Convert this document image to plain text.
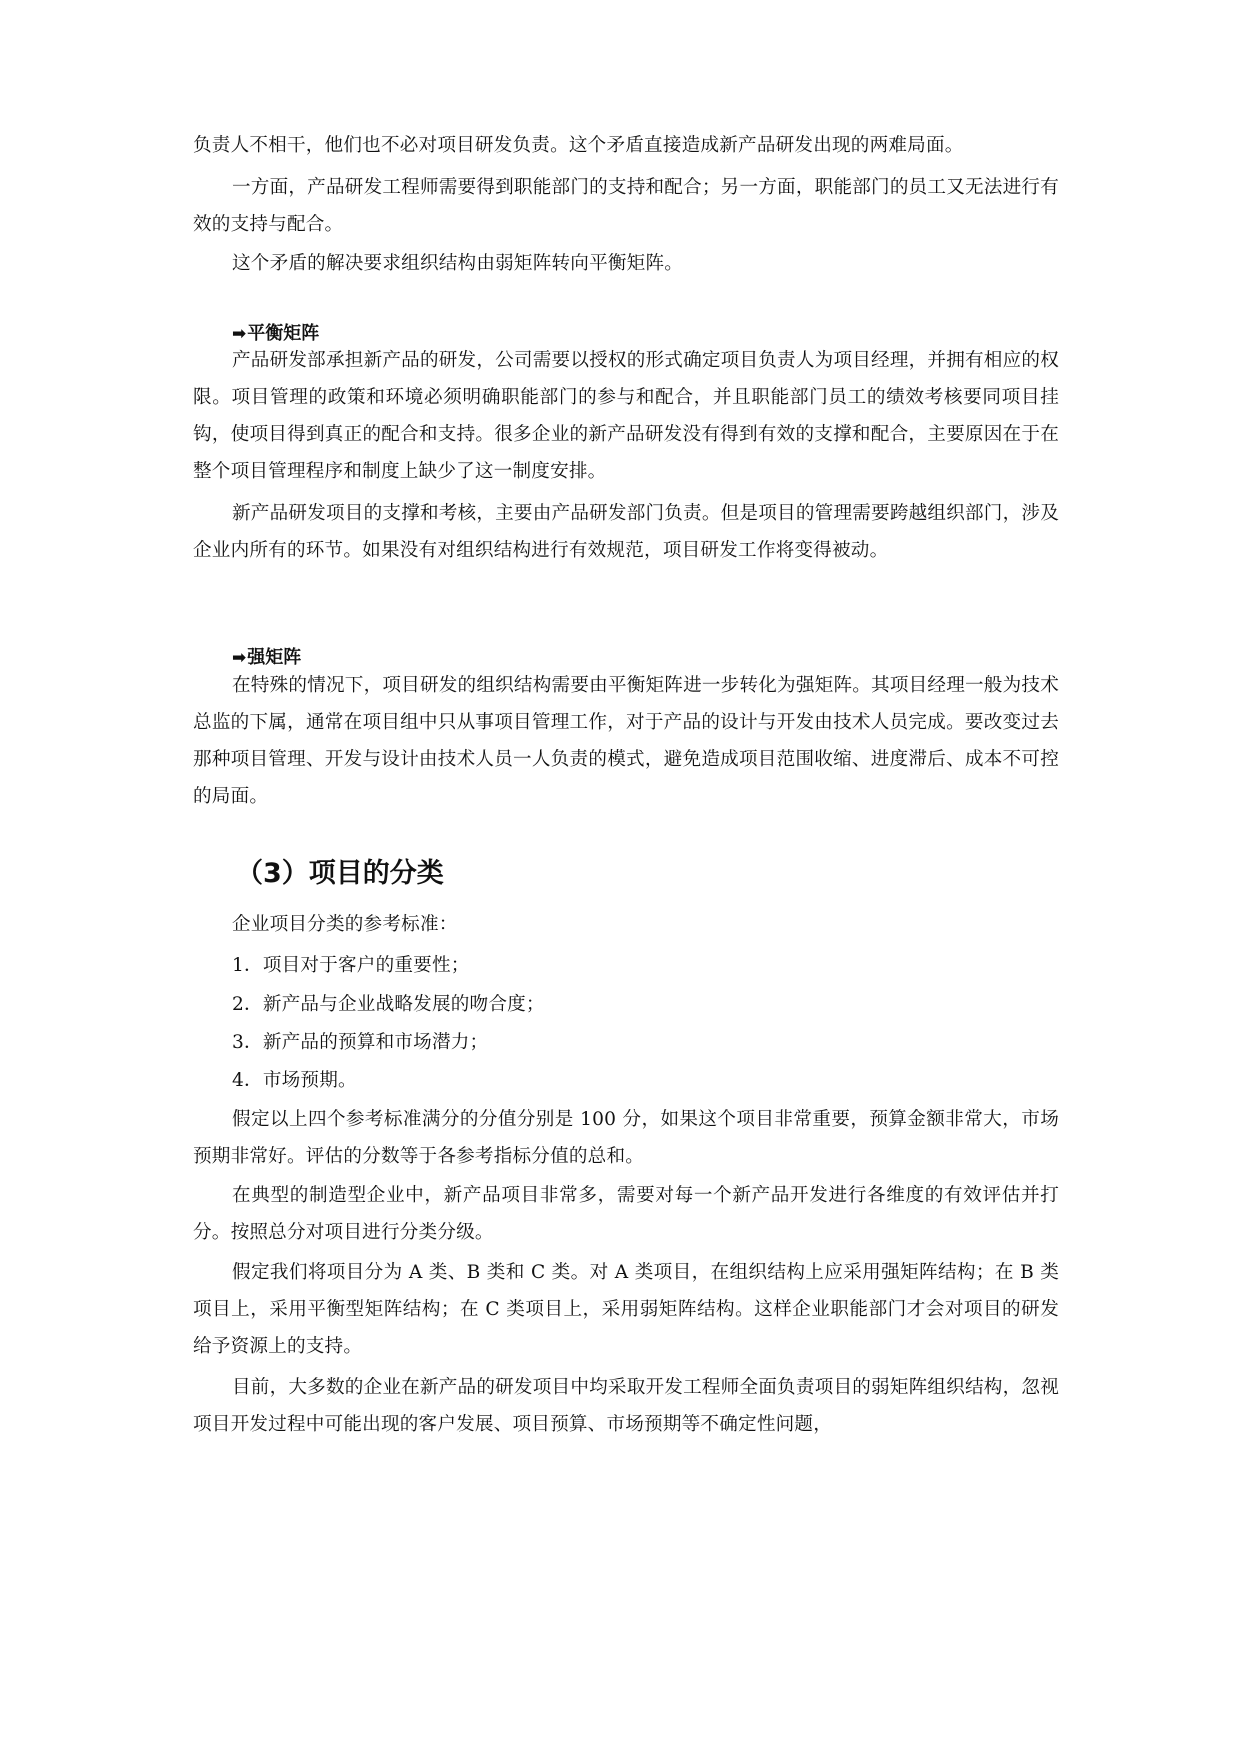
负责人不相干，他们也不必对项目研发负责。这个矛盾直接造成新产品研发出现的两难局面。

一方面，产品研发工程师需要得到职能部门的支持和配合；另一方面，职能部门的员工又无法进行有效的支持与配合。

这个矛盾的解决要求组织结构由弱矩阵转向平衡矩阵。

➡平衡矩阵

产品研发部承担新产品的研发，公司需要以授权的形式确定项目负责人为项目经理，并拥有相应的权限。项目管理的政策和环境必须明确职能部门的参与和配合，并且职能部门员工的绩效考核要同项目挂钩，使项目得到真正的配合和支持。很多企业的新产品研发没有得到有效的支撑和配合，主要原因在于在整个项目管理程序和制度上缺少了这一制度安排。

新产品研发项目的支撑和考核，主要由产品研发部门负责。但是项目的管理需要跨越组织部门，涉及企业内所有的环节。如果没有对组织结构进行有效规范，项目研发工作将变得被动。

➡强矩阵

在特殊的情况下，项目研发的组织结构需要由平衡矩阵进一步转化为强矩阵。其项目经理一般为技术总监的下属，通常在项目组中只从事项目管理工作，对于产品的设计与开发由技术人员完成。要改变过去那种项目管理、开发与设计由技术人员一人负责的模式，避免造成项目范围收缩、进度滞后、成本不可控的局面。

（3）项目的分类

企业项目分类的参考标准：

1．项目对于客户的重要性；

2．新产品与企业战略发展的吻合度；

3．新产品的预算和市场潜力；

4．市场预期。

假定以上四个参考标准满分的分值分别是 100 分，如果这个项目非常重要，预算金额非常大，市场预期非常好。评估的分数等于各参考指标分值的总和。

在典型的制造型企业中，新产品项目非常多，需要对每一个新产品开发进行各维度的有效评估并打分。按照总分对项目进行分类分级。

假定我们将项目分为 A 类、B 类和 C 类。对 A 类项目，在组织结构上应采用强矩阵结构；在 B 类项目上，采用平衡型矩阵结构；在 C 类项目上，采用弱矩阵结构。这样企业职能部门才会对项目的研发给予资源上的支持。

目前，大多数的企业在新产品的研发项目中均采取开发工程师全面负责项目的弱矩阵组织结构，忽视项目开发过程中可能出现的客户发展、项目预算、市场预期等不确定性问题，
